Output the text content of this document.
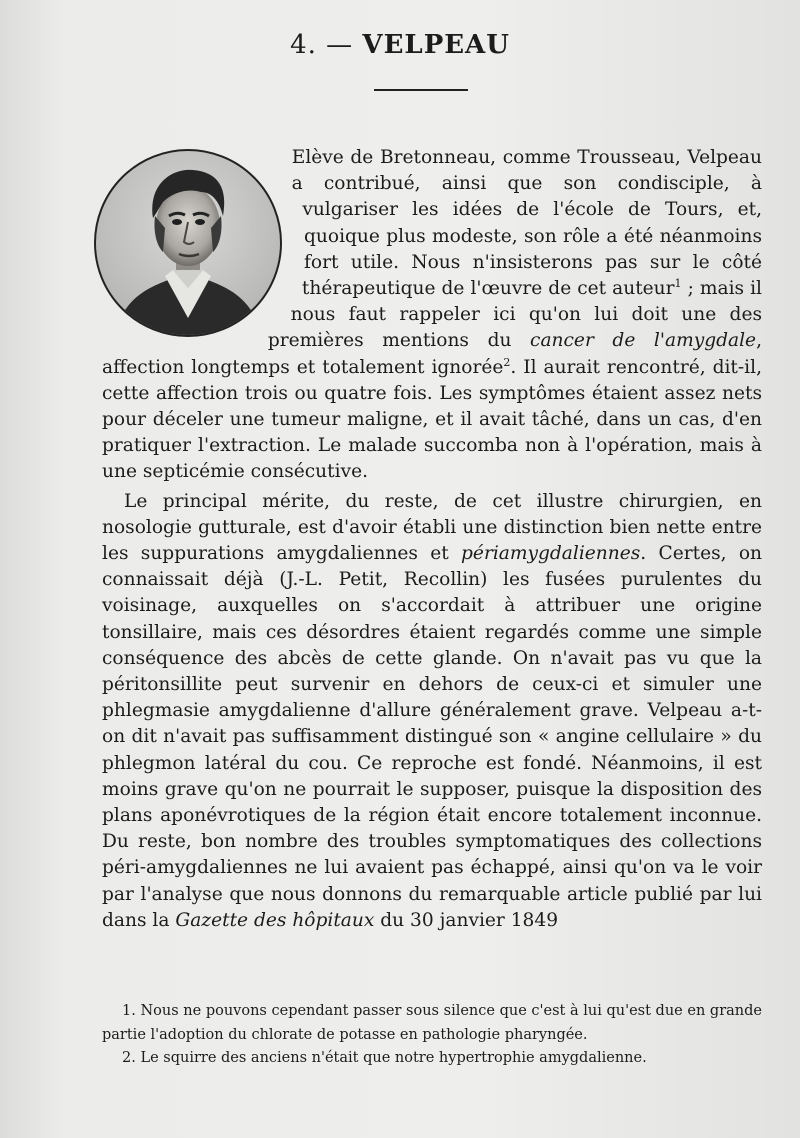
4. — VELPEAU

Elève de Bretonneau, comme Trousseau, Velpeau a contribué, ainsi que son condisciple, à vulgariser les idées de l'école de Tours, et, quoique plus modeste, son rôle a été néanmoins fort utile. Nous n'insisterons pas sur le côté thérapeutique de l'œuvre de cet auteur$^1$ ; mais il nous faut rappeler ici qu'on lui doit une des premières mentions du cancer de l'amygdale, affection longtemps et totalement ignorée$^2$. Il aurait rencontré, dit-il, cette affection trois ou quatre fois. Les symptômes étaient assez nets pour déceler une tumeur maligne, et il avait tâché, dans un cas, d'en pratiquer l'extraction. Le malade succomba non à l'opération, mais à une septicémie consécutive.

Le principal mérite, du reste, de cet illustre chirurgien, en nosologie gutturale, est d'avoir établi une distinction bien nette entre les suppurations amygdaliennes et périamygdaliennes. Certes, on connaissait déjà (J.-L. Petit, Recollin) les fusées purulentes du voisinage, auxquelles on s'accordait à attribuer une origine tonsillaire, mais ces désordres étaient regardés comme une simple conséquence des abcès de cette glande. On n'avait pas vu que la péritonsillite peut survenir en dehors de ceux-ci et simuler une phlegmasie amygdalienne d'allure généralement grave. Velpeau a-t-on dit n'avait pas suffisamment distingué son « angine cellulaire » du phlegmon latéral du cou. Ce reproche est fondé. Néanmoins, il est moins grave qu'on ne pourrait le supposer, puisque la disposition des plans aponévrotiques de la région était encore totalement inconnue. Du reste, bon nombre des troubles symptomatiques des collections péri-amygdaliennes ne lui avaient pas échappé, ainsi qu'on va le voir par l'analyse que nous donnons du remarquable article publié par lui dans la Gazette des hôpitaux du 30 janvier 1849

1. Nous ne pouvons cependant passer sous silence que c'est à lui qu'est due en grande partie l'adoption du chlorate de potasse en pathologie pharyngée.

2. Le squirre des anciens n'était que notre hypertrophie amygdalienne.
